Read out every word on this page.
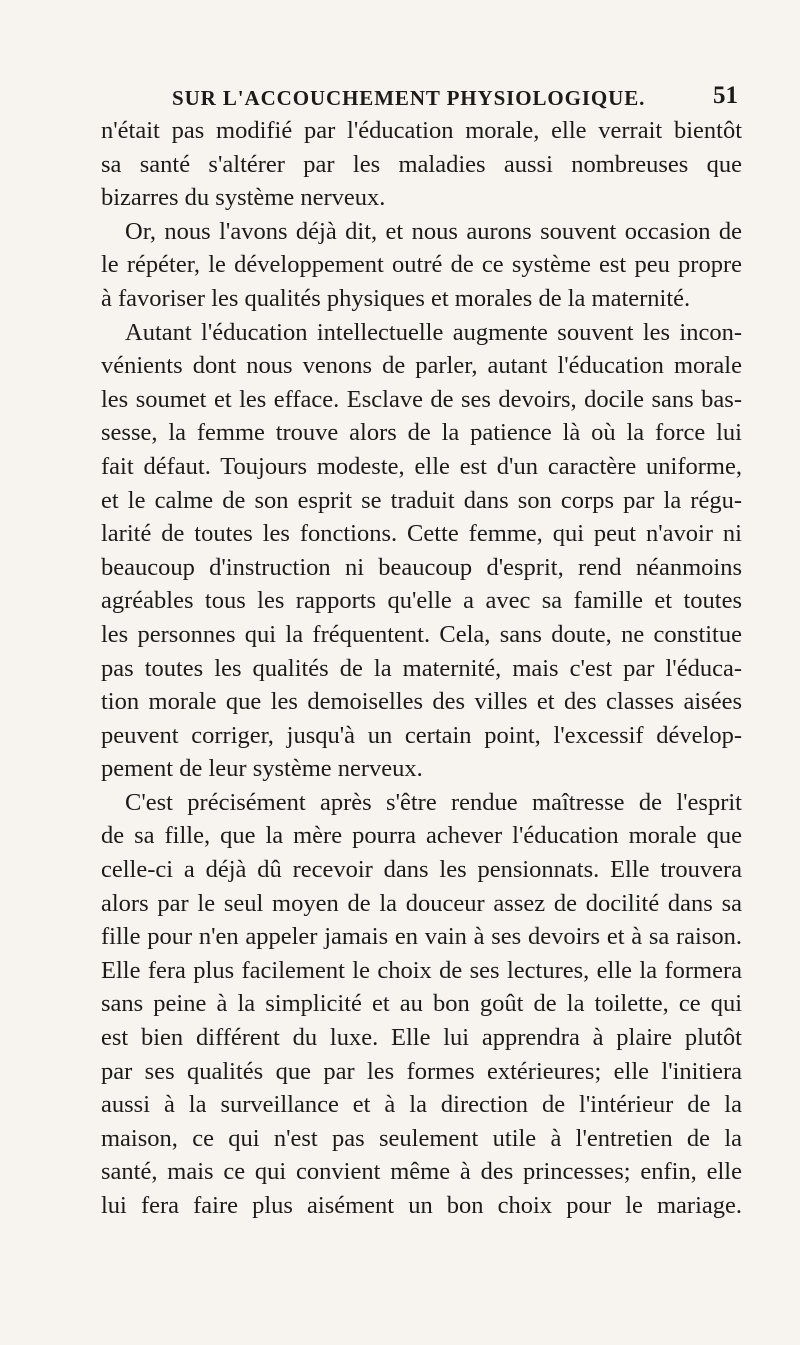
SUR L'ACCOUCHEMENT PHYSIOLOGIQUE.	51
n'était pas modifié par l'éducation morale, elle verrait bientôt
sa santé s'altérer par les maladies aussi nombreuses que
bizarres du système nerveux.
Or, nous l'avons déjà dit, et nous aurons souvent occasion de
le répéter, le développement outré de ce système est peu propre
à favoriser les qualités physiques et morales de la maternité.
Autant l'éducation intellectuelle augmente souvent les incon-
vénients dont nous venons de parler, autant l'éducation morale
les soumet et les efface. Esclave de ses devoirs, docile sans bas-
sesse, la femme trouve alors de la patience là où la force lui
fait défaut. Toujours modeste, elle est d'un caractère uniforme,
et le calme de son esprit se traduit dans son corps par la régu-
larité de toutes les fonctions. Cette femme, qui peut n'avoir ni
beaucoup d'instruction ni beaucoup d'esprit, rend néanmoins
agréables tous les rapports qu'elle a avec sa famille et toutes
les personnes qui la fréquentent. Cela, sans doute, ne constitue
pas toutes les qualités de la maternité, mais c'est par l'éduca-
tion morale que les demoiselles des villes et des classes aisées
peuvent corriger, jusqu'à un certain point, l'excessif dévelop-
pement de leur système nerveux.
C'est précisément après s'être rendue maîtresse de l'esprit
de sa fille, que la mère pourra achever l'éducation morale que
celle-ci a déjà dû recevoir dans les pensionnats. Elle trouvera
alors par le seul moyen de la douceur assez de docilité dans sa
fille pour n'en appeler jamais en vain à ses devoirs et à sa raison.
Elle fera plus facilement le choix de ses lectures, elle la formera
sans peine à la simplicité et au bon goût de la toilette, ce qui
est bien différent du luxe. Elle lui apprendra à plaire plutôt
par ses qualités que par les formes extérieures; elle l'initiera
aussi à la surveillance et à la direction de l'intérieur de la
maison, ce qui n'est pas seulement utile à l'entretien de la
santé, mais ce qui convient même à des princesses; enfin, elle
lui fera faire plus aisément un bon choix pour le mariage.
